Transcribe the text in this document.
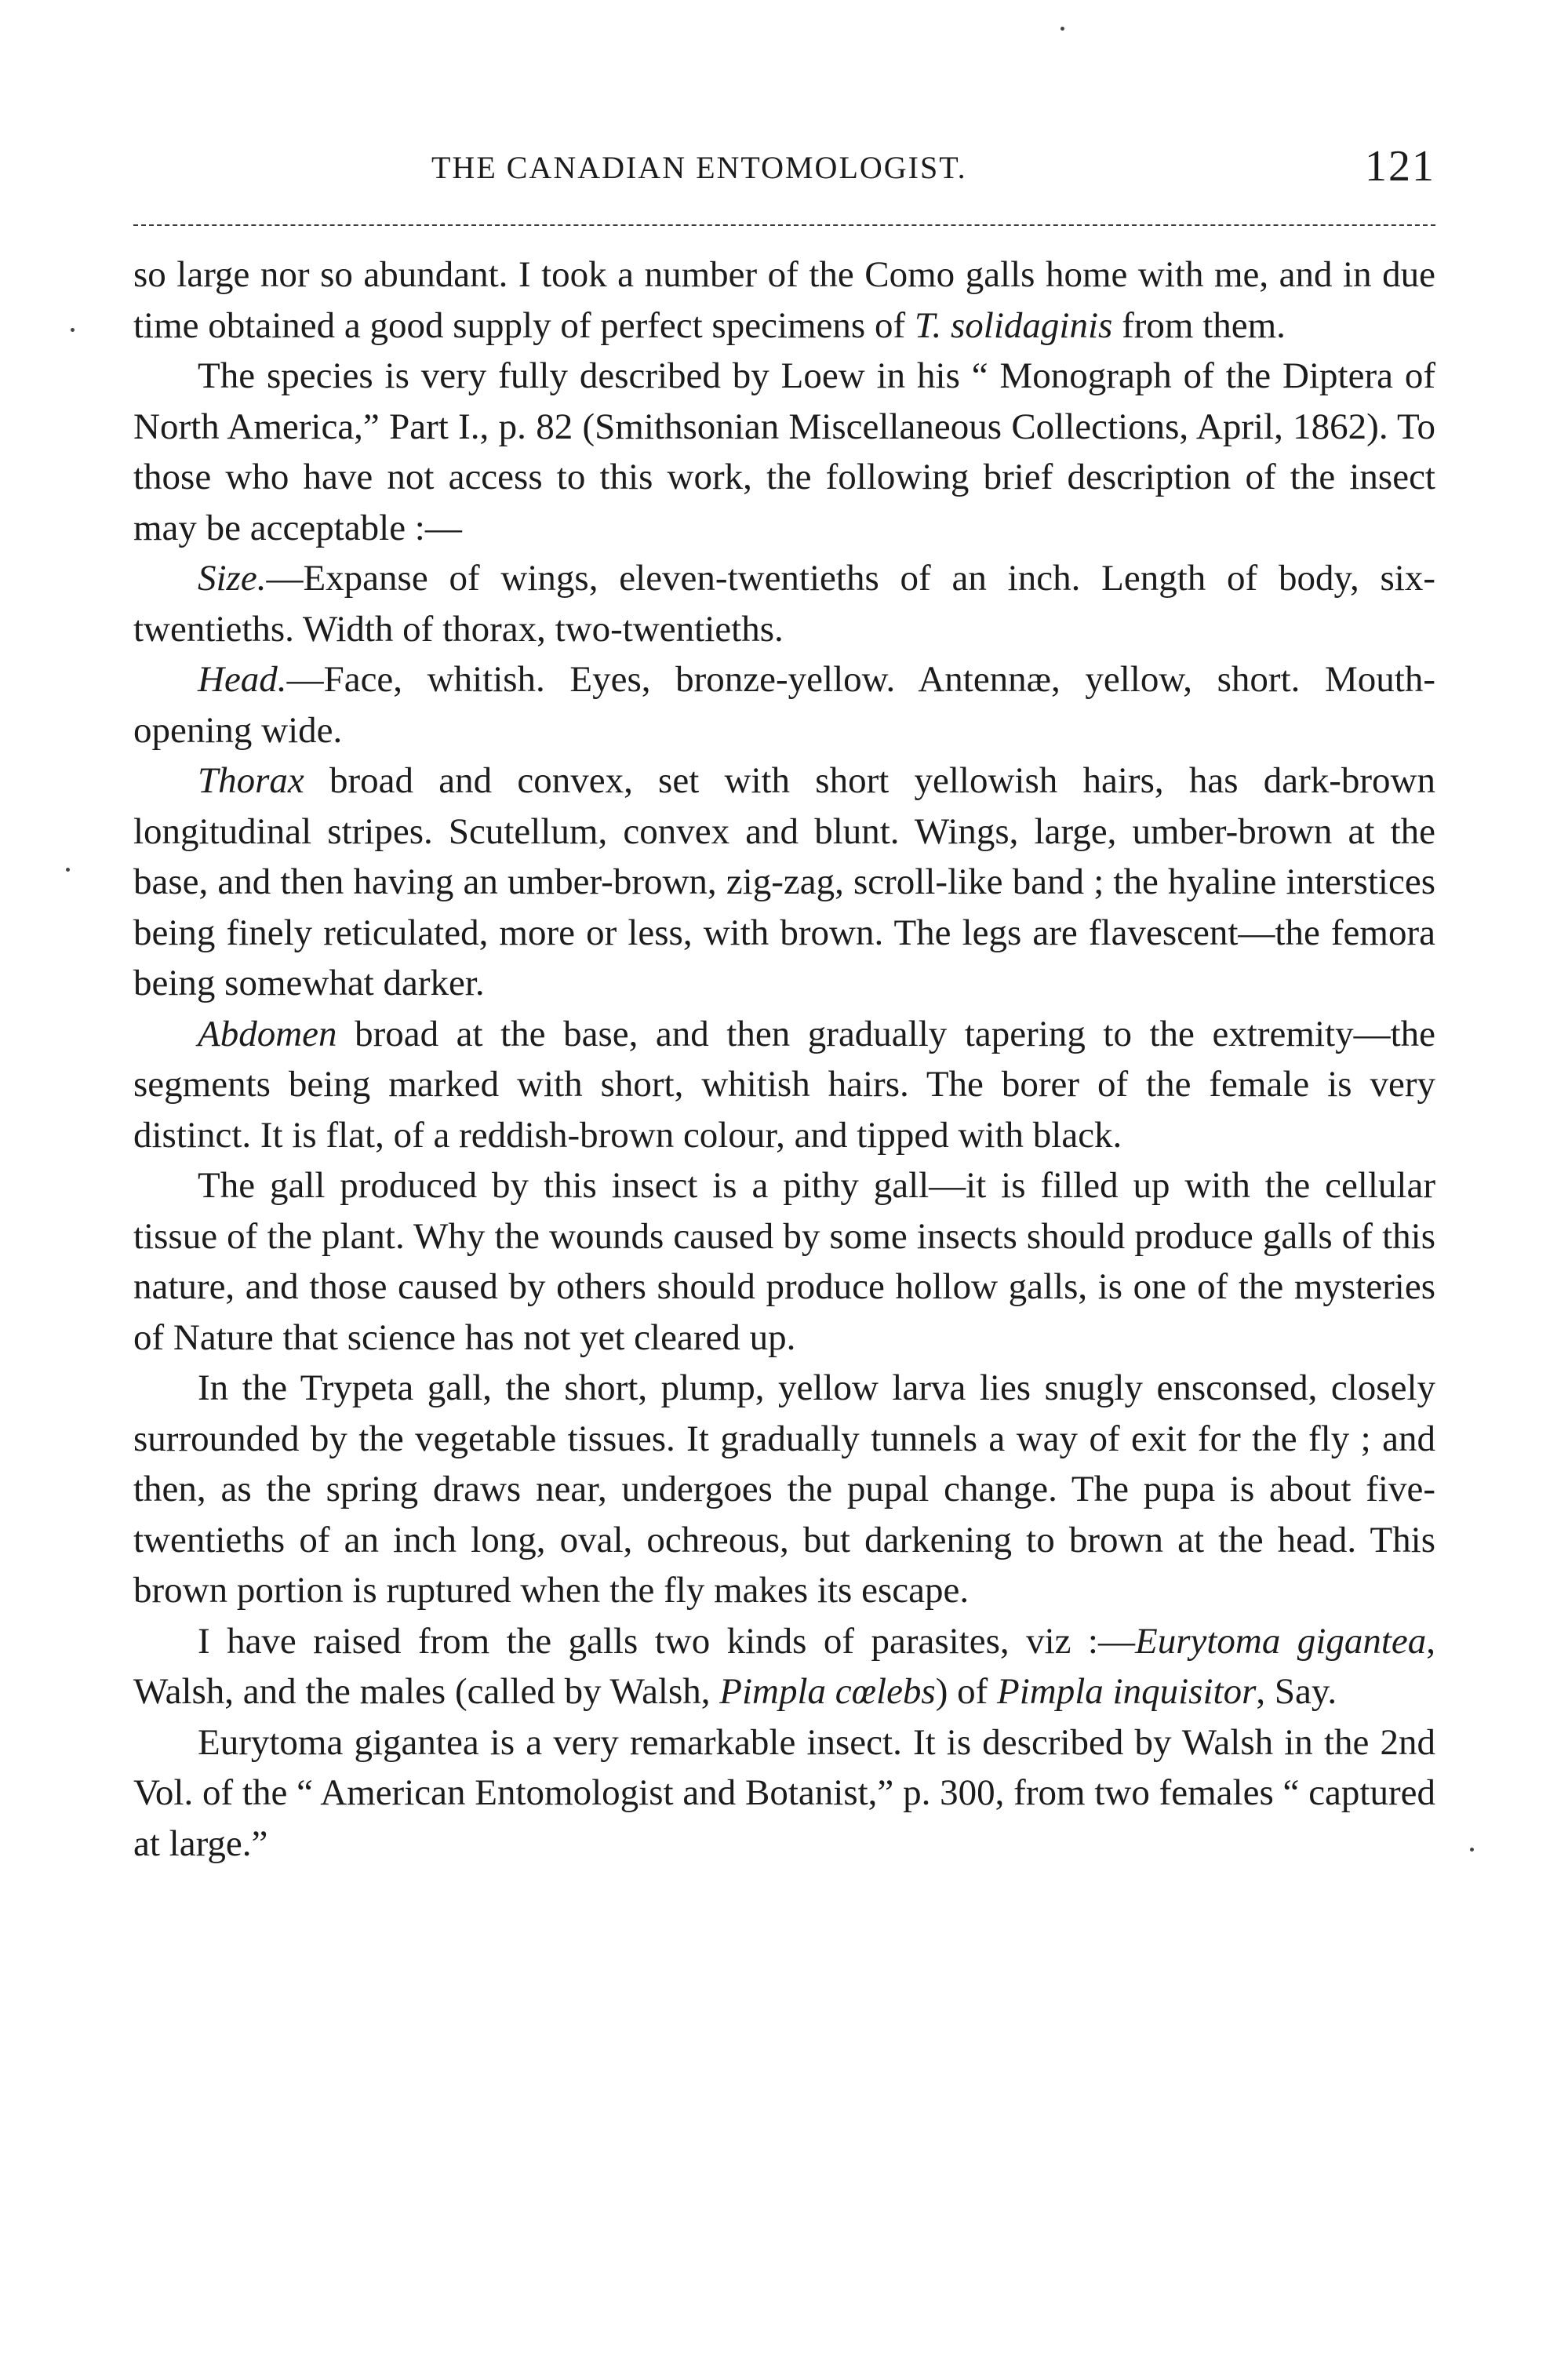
THE CANADIAN ENTOMOLOGIST.	121

so large nor so abundant. I took a number of the Como galls home with me, and in due time obtained a good supply of perfect specimens of T. solidaginis from them.

The species is very fully described by Loew in his “ Monograph of the Diptera of North America,” Part I., p. 82 (Smithsonian Miscellaneous Collections, April, 1862). To those who have not access to this work, the following brief description of the insect may be acceptable :—

Size.—Expanse of wings, eleven-twentieths of an inch. Length of body, six-twentieths. Width of thorax, two-twentieths.

Head.—Face, whitish. Eyes, bronze-yellow. Antennæ, yellow, short. Mouth-opening wide.

Thorax broad and convex, set with short yellowish hairs, has dark-brown longitudinal stripes. Scutellum, convex and blunt. Wings, large, umber-brown at the base, and then having an umber-brown, zig-zag, scroll-like band ; the hyaline interstices being finely reticulated, more or less, with brown. The legs are flavescent—the femora being somewhat darker.

Abdomen broad at the base, and then gradually tapering to the extremity—the segments being marked with short, whitish hairs. The borer of the female is very distinct. It is flat, of a reddish-brown colour, and tipped with black.

The gall produced by this insect is a pithy gall—it is filled up with the cellular tissue of the plant. Why the wounds caused by some insects should produce galls of this nature, and those caused by others should produce hollow galls, is one of the mysteries of Nature that science has not yet cleared up.

In the Trypeta gall, the short, plump, yellow larva lies snugly ensconsed, closely surrounded by the vegetable tissues. It gradually tunnels a way of exit for the fly ; and then, as the spring draws near, undergoes the pupal change. The pupa is about five-twentieths of an inch long, oval, ochreous, but darkening to brown at the head. This brown portion is ruptured when the fly makes its escape.

I have raised from the galls two kinds of parasites, viz :—Eurytoma gigantea, Walsh, and the males (called by Walsh, Pimpla cœlebs) of Pimpla inquisitor, Say.

Eurytoma gigantea is a very remarkable insect. It is described by Walsh in the 2nd Vol. of the “ American Entomologist and Botanist,” p. 300, from two females “ captured at large.”
